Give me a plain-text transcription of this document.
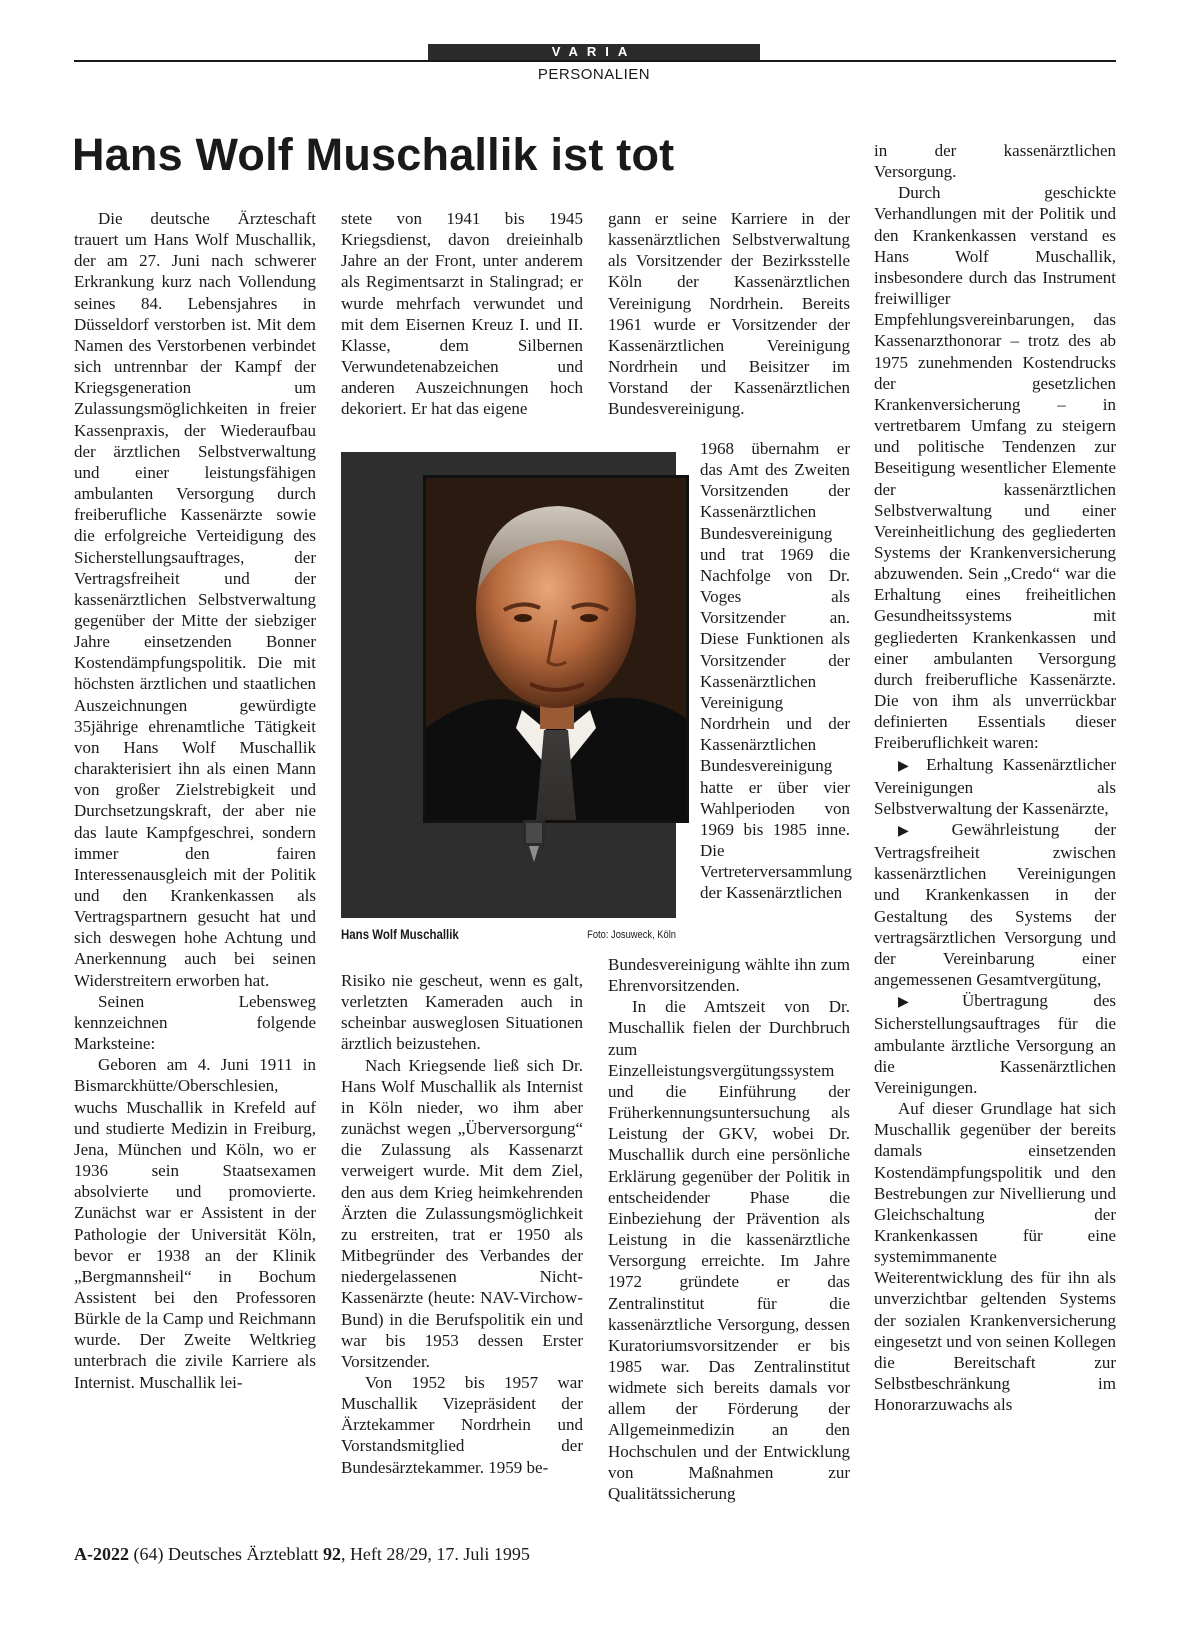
VARIA
PERSONALIEN
Hans Wolf Muschallik ist tot

Die deutsche Ärzteschaft trauert um Hans Wolf Muschallik, der am 27. Juni nach schwerer Erkrankung kurz nach Vollendung seines 84. Lebensjahres in Düsseldorf verstorben ist. Mit dem Namen des Verstorbenen verbindet sich untrennbar der Kampf der Kriegsgeneration um Zulassungsmöglichkeiten in freier Kassenpraxis, der Wiederaufbau der ärztlichen Selbstverwaltung und einer leistungsfähigen ambulanten Versorgung durch freiberufliche Kassenärzte sowie die erfolgreiche Verteidigung des Sicherstellungsauftrages, der Vertragsfreiheit und der kassenärztlichen Selbstverwaltung gegenüber der Mitte der siebziger Jahre einsetzenden Bonner Kostendämpfungspolitik. Die mit höchsten ärztlichen und staatlichen Auszeichnungen gewürdigte 35jährige ehrenamtliche Tätigkeit von Hans Wolf Muschallik charakterisiert ihn als einen Mann von großer Zielstrebigkeit und Durchsetzungskraft, der aber nie das laute Kampfgeschrei, sondern immer den fairen Interessenausgleich mit der Politik und den Krankenkassen als Vertragspartnern gesucht hat und sich deswegen hohe Achtung und Anerkennung auch bei seinen Widerstreitern erworben hat.

Seinen Lebensweg kennzeichnen folgende Marksteine:

Geboren am 4. Juni 1911 in Bismarckhütte/Oberschlesien, wuchs Muschallik in Krefeld auf und studierte Medizin in Freiburg, Jena, München und Köln, wo er 1936 sein Staatsexamen absolvierte und promovierte. Zunächst war er Assistent in der Pathologie der Universität Köln, bevor er 1938 an der Klinik „Bergmannsheil“ in Bochum Assistent bei den Professoren Bürkle de la Camp und Reichmann wurde. Der Zweite Weltkrieg unterbrach die zivile Karriere als Internist. Muschallik lei-

stete von 1941 bis 1945 Kriegsdienst, davon dreieinhalb Jahre an der Front, unter anderem als Regimentsarzt in Stalingrad; er wurde mehrfach verwundet und mit dem Eisernen Kreuz I. und II. Klasse, dem Silbernen Verwundetenabzeichen und anderen Auszeichnungen hoch dekoriert. Er hat das eigene

Hans Wolf Muschallik	Foto: Josuweck, Köln

Risiko nie gescheut, wenn es galt, verletzten Kameraden auch in scheinbar ausweglosen Situationen ärztlich beizustehen.

Nach Kriegsende ließ sich Dr. Hans Wolf Muschallik als Internist in Köln nieder, wo ihm aber zunächst wegen „Überversorgung“ die Zulassung als Kassenarzt verweigert wurde. Mit dem Ziel, den aus dem Krieg heimkehrenden Ärzten die Zulassungsmöglichkeit zu erstreiten, trat er 1950 als Mitbegründer des Verbandes der niedergelassenen Nicht-Kassenärzte (heute: NAV-Virchow-Bund) in die Berufspolitik ein und war bis 1953 dessen Erster Vorsitzender.

Von 1952 bis 1957 war Muschallik Vizepräsident der Ärztekammer Nordrhein und Vorstandsmitglied der Bundesärztekammer. 1959 be-

gann er seine Karriere in der kassenärztlichen Selbstverwaltung als Vorsitzender der Bezirksstelle Köln der Kassenärztlichen Vereinigung Nordrhein. Bereits 1961 wurde er Vorsitzender der Kassenärztlichen Vereinigung Nordrhein und Beisitzer im Vorstand der Kassenärztlichen Bundesvereinigung.

1968 übernahm er das Amt des Zweiten Vorsitzenden der Kassenärztlichen Bundesvereinigung und trat 1969 die Nachfolge von Dr. Voges als Vorsitzender an. Diese Funktionen als Vorsitzender der Kassenärztlichen Vereinigung Nordrhein und der Kassenärztlichen Bundesvereinigung hatte er über vier Wahlperioden von 1969 bis 1985 inne. Die Vertreterversammlung der Kassenärztlichen

Bundesvereinigung wählte ihn zum Ehrenvorsitzenden.

In die Amtszeit von Dr. Muschallik fielen der Durchbruch zum Einzelleistungsvergütungssystem und die Einführung der Früherkennungsuntersuchung als Leistung der GKV, wobei Dr. Muschallik durch eine persönliche Erklärung gegenüber der Politik in entscheidender Phase die Einbeziehung der Prävention als Leistung in die kassenärztliche Versorgung erreichte. Im Jahre 1972 gründete er das Zentralinstitut für die kassenärztliche Versorgung, dessen Kuratoriumsvorsitzender er bis 1985 war. Das Zentralinstitut widmete sich bereits damals vor allem der Förderung der Allgemeinmedizin an den Hochschulen und der Entwicklung von Maßnahmen zur Qualitätssicherung

in der kassenärztlichen Versorgung.

Durch geschickte Verhandlungen mit der Politik und den Krankenkassen verstand es Hans Wolf Muschallik, insbesondere durch das Instrument freiwilliger Empfehlungsvereinbarungen, das Kassenarzthonorar – trotz des ab 1975 zunehmenden Kostendrucks der gesetzlichen Krankenversicherung – in vertretbarem Umfang zu steigern und politische Tendenzen zur Beseitigung wesentlicher Elemente der kassenärztlichen Selbstverwaltung und einer Vereinheitlichung des gegliederten Systems der Krankenversicherung abzuwenden. Sein „Credo“ war die Erhaltung eines freiheitlichen Gesundheitssystems mit gegliederten Krankenkassen und einer ambulanten Versorgung durch freiberufliche Kassenärzte. Die von ihm als unverrückbar definierten Essentials dieser Freiberuflichkeit waren:

▶ Erhaltung Kassenärztlicher Vereinigungen als Selbstverwaltung der Kassenärzte,

▶ Gewährleistung der Vertragsfreiheit zwischen kassenärztlichen Vereinigungen und Krankenkassen in der Gestaltung des Systems der vertragsärztlichen Versorgung und der Vereinbarung einer angemessenen Gesamtvergütung,

▶ Übertragung des Sicherstellungsauftrages für die ambulante ärztliche Versorgung an die Kassenärztlichen Vereinigungen.

Auf dieser Grundlage hat sich Muschallik gegenüber der bereits damals einsetzenden Kostendämpfungspolitik und den Bestrebungen zur Nivellierung und Gleichschaltung der Krankenkassen für eine systemimmanente Weiterentwicklung des für ihn als unverzichtbar geltenden Systems der sozialen Krankenversicherung eingesetzt und von seinen Kollegen die Bereitschaft zur Selbstbeschränkung im Honorarzuwachs als

A-2022 (64) Deutsches Ärzteblatt 92, Heft 28/29, 17. Juli 1995
